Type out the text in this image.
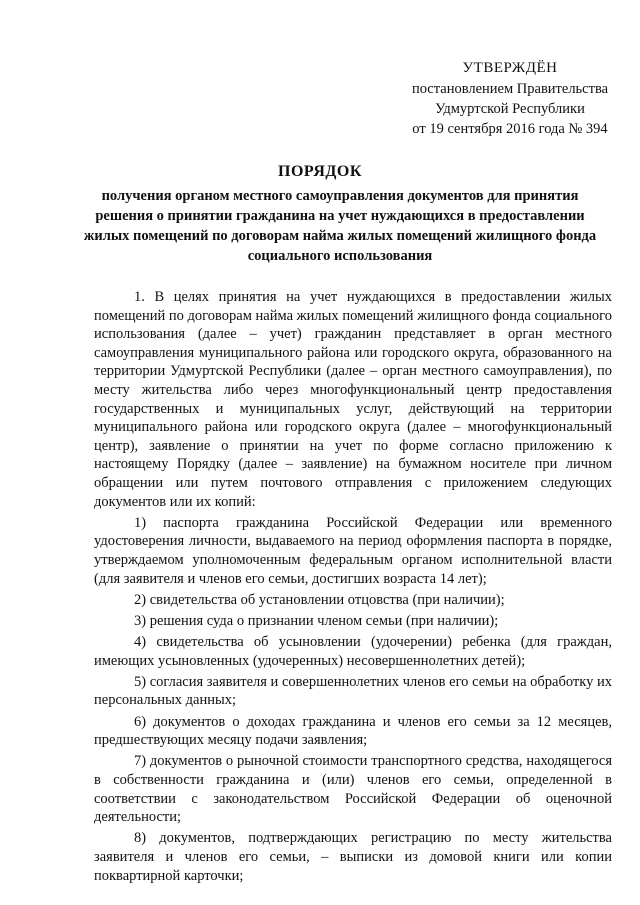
УТВЕРЖДЁН
постановлением Правительства
Удмуртской Республики
от 19 сентября 2016 года № 394
ПОРЯДОК
получения органом местного самоуправления документов для принятия решения о принятии гражданина на учет нуждающихся в предоставлении жилых помещений по договорам найма жилых помещений жилищного фонда социального использования

1. В целях принятия на учет нуждающихся в предоставлении жилых помещений по договорам найма жилых помещений жилищного фонда социального использования (далее – учет) гражданин представляет в орган местного самоуправления муниципального района или городского округа, образованного на территории Удмуртской Республики (далее – орган местного самоуправления), по месту жительства либо через многофункциональный центр предоставления государственных и муниципальных услуг, действующий на территории муниципального района или городского округа (далее – многофункциональный центр), заявление о принятии на учет по форме согласно приложению к настоящему Порядку (далее – заявление) на бумажном носителе при личном обращении или путем почтового отправления с приложением следующих документов или их копий:

1) паспорта гражданина Российской Федерации или временного удостоверения личности, выдаваемого на период оформления паспорта в порядке, утверждаемом уполномоченным федеральным органом исполнительной власти (для заявителя и членов его семьи, достигших возраста 14 лет);

2) свидетельства об установлении отцовства (при наличии);

3) решения суда о признании членом семьи (при наличии);

4) свидетельства об усыновлении (удочерении) ребенка (для граждан, имеющих усыновленных (удочеренных) несовершеннолетних детей);

5) согласия заявителя и совершеннолетних членов его семьи на обработку их персональных данных;

6) документов о доходах гражданина и членов его семьи за 12 месяцев, предшествующих месяцу подачи заявления;

7) документов о рыночной стоимости транспортного средства, находящегося в собственности гражданина и (или) членов его семьи, определенной в соответствии с законодательством Российской Федерации об оценочной деятельности;

8) документов, подтверждающих регистрацию по месту жительства заявителя и членов его семьи, – выписки из домовой книги или копии поквартирной карточки;
